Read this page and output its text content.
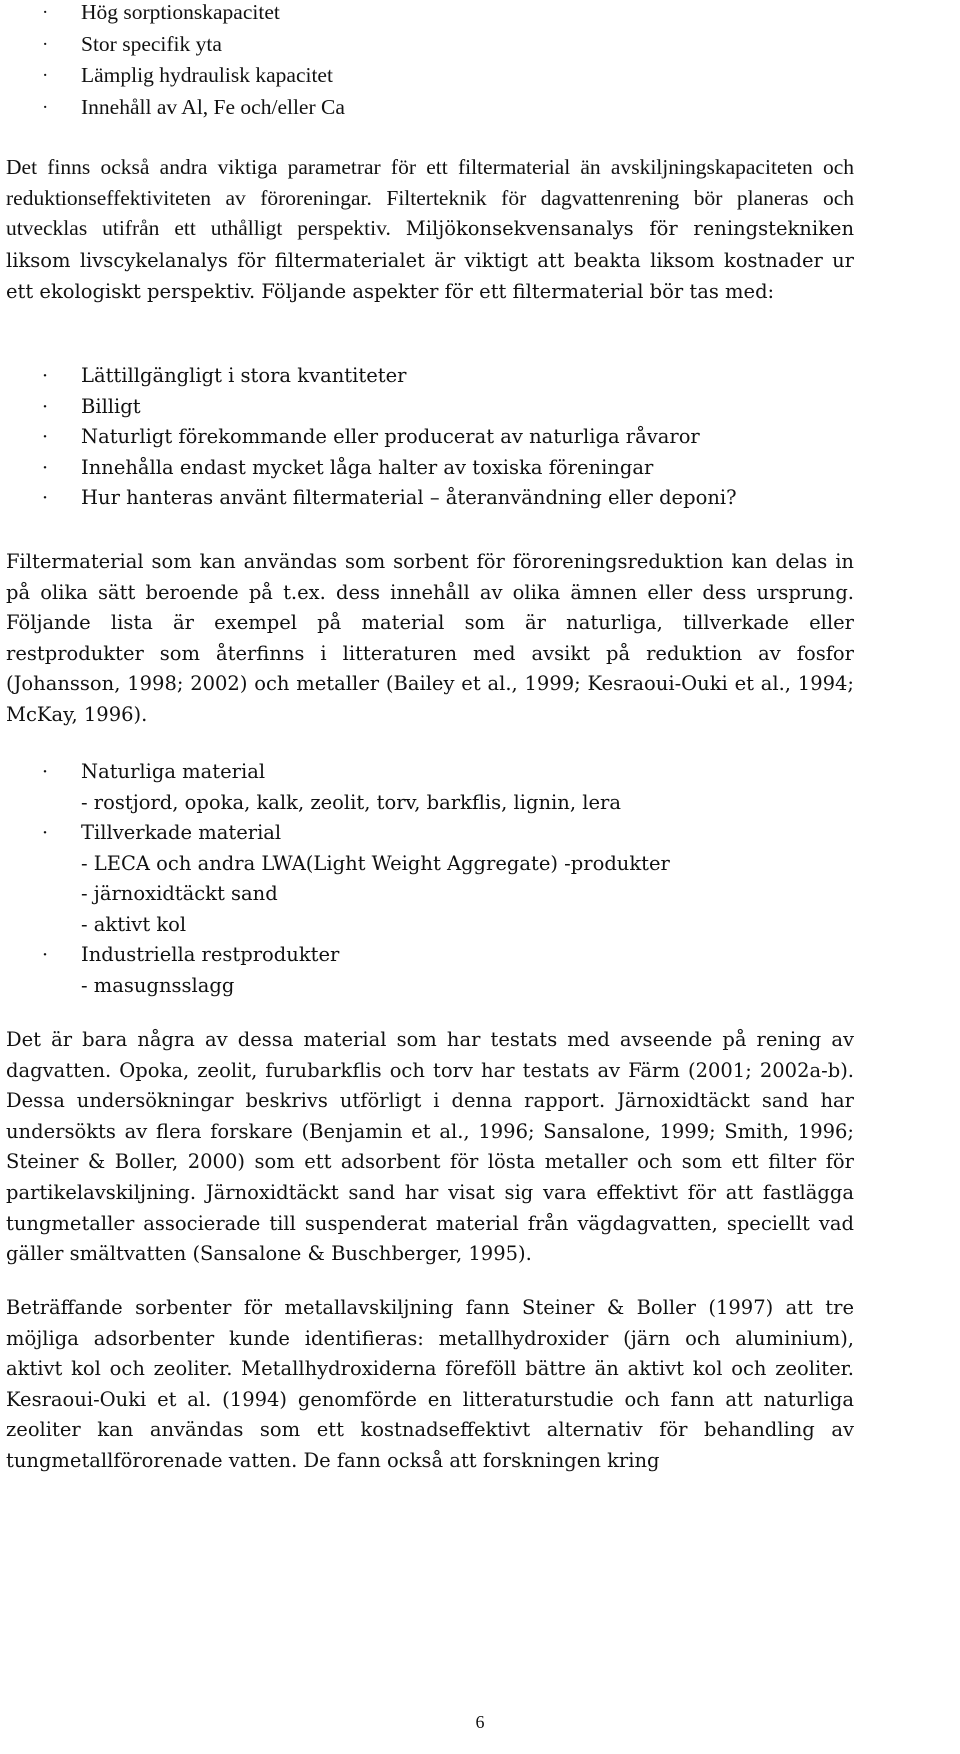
· Hög sorptionskapacitet
· Stor specifik yta
· Lämplig hydraulisk kapacitet
· Innehåll av Al, Fe och/eller Ca

Det finns också andra viktiga parametrar för ett filtermaterial än avskiljningskapaciteten och reduktionseffektiviteten av föroreningar. Filterteknik för dagvattenrening bör planeras och utvecklas utifrån ett uthålligt perspektiv. Miljökonsekvensanalys för reningstekniken liksom livscykelanalys för filtermaterialet är viktigt att beakta liksom kostnader ur ett ekologiskt perspektiv. Följande aspekter för ett filtermaterial bör tas med:

· Lättillgängligt i stora kvantiteter
· Billigt
· Naturligt förekommande eller producerat av naturliga råvaror
· Innehålla endast mycket låga halter av toxiska föreningar
· Hur hanteras använt filtermaterial – återanvändning eller deponi?

Filtermaterial som kan användas som sorbent för föroreningsreduktion kan delas in på olika sätt beroende på t.ex. dess innehåll av olika ämnen eller dess ursprung. Följande lista är exempel på material som är naturliga, tillverkade eller restprodukter som återfinns i litteraturen med avsikt på reduktion av fosfor (Johansson, 1998; 2002) och metaller (Bailey et al., 1999; Kesraoui-Ouki et al., 1994; McKay, 1996).

· Naturliga material
- rostjord, opoka, kalk, zeolit, torv, barkflis, lignin, lera
· Tillverkade material
- LECA och andra LWA(Light Weight Aggregate) -produkter
- järnoxidtäckt sand
- aktivt kol
· Industriella restprodukter
- masugnsslagg

Det är bara några av dessa material som har testats med avseende på rening av dagvatten. Opoka, zeolit, furubarkflis och torv har testats av Färm (2001; 2002a-b). Dessa undersökningar beskrivs utförligt i denna rapport. Järnoxidtäckt sand har undersökts av flera forskare (Benjamin et al., 1996; Sansalone, 1999; Smith, 1996; Steiner & Boller, 2000) som ett adsorbent för lösta metaller och som ett filter för partikelavskiljning. Järnoxidtäckt sand har visat sig vara effektivt för att fastlägga tungmetaller associerade till suspenderat material från vägdagvatten, speciellt vad gäller smältvatten (Sansalone & Buschberger, 1995).

Beträffande sorbenter för metallavskiljning fann Steiner & Boller (1997) att tre möjliga adsorbenter kunde identifieras: metallhydroxider (järn och aluminium), aktivt kol och zeoliter. Metallhydroxiderna föreföll bättre än aktivt kol och zeoliter. Kesraoui-Ouki et al. (1994) genomförde en litteraturstudie och fann att naturliga zeoliter kan användas som ett kostnadseffektivt alternativ för behandling av tungmetallförorenade vatten. De fann också att forskningen kring

6
